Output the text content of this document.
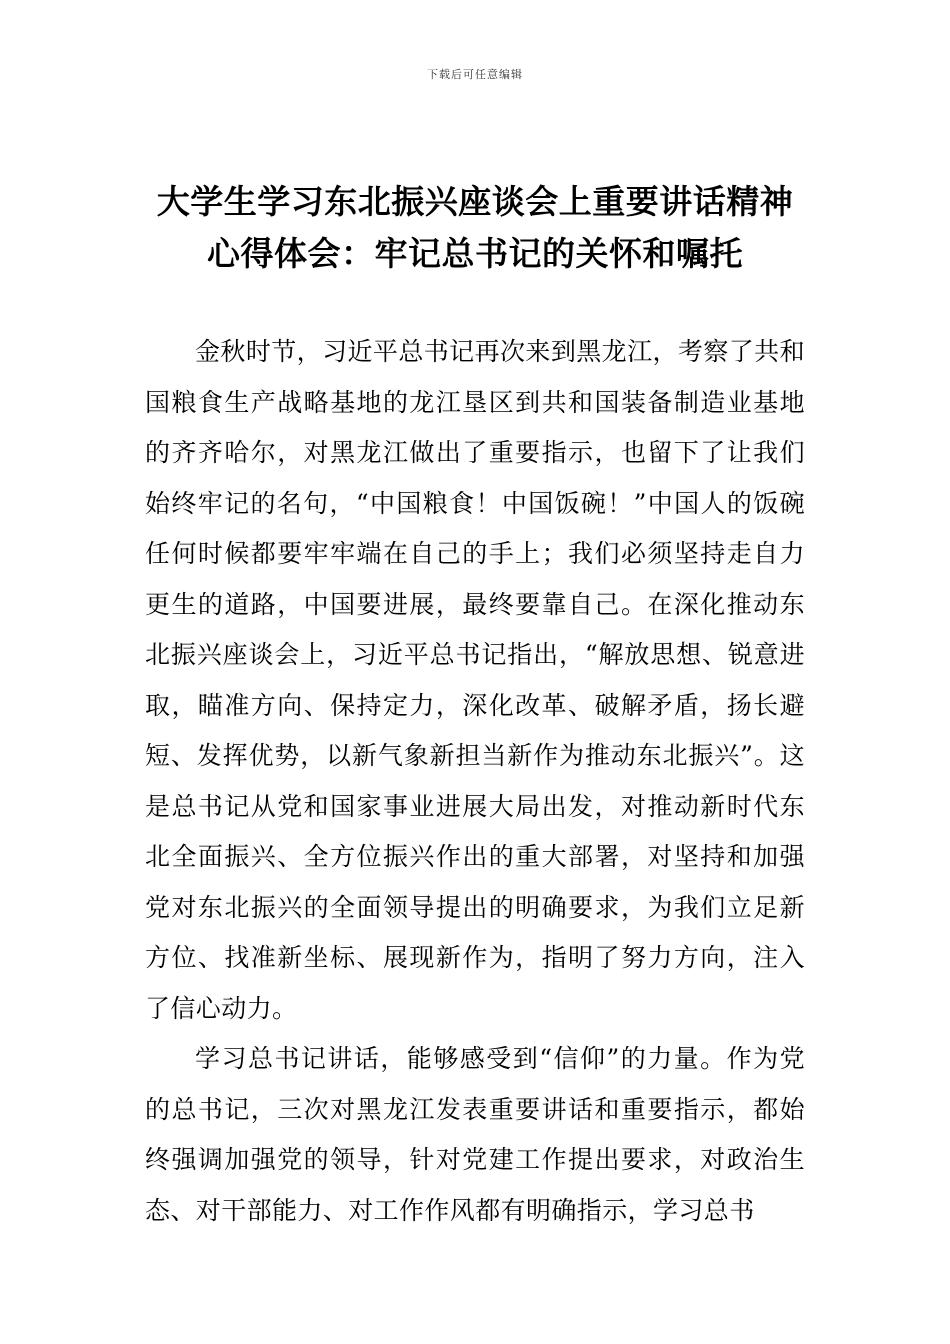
下载后可任意编辑
大学生学习东北振兴座谈会上重要讲话精神心得体会：牢记总书记的关怀和嘱托

金秋时节，习近平总书记再次来到黑龙江，考察了共和国粮食生产战略基地的龙江垦区到共和国装备制造业基地的齐齐哈尔，对黑龙江做出了重要指示，也留下了让我们始终牢记的名句，“中国粮食！中国饭碗！”中国人的饭碗任何时候都要牢牢端在自己的手上；我们必须坚持走自力更生的道路，中国要进展，最终要靠自己。在深化推动东北振兴座谈会上，习近平总书记指出，“解放思想、锐意进取，瞄准方向、保持定力，深化改革、破解矛盾，扬长避短、发挥优势，以新气象新担当新作为推动东北振兴”。这是总书记从党和国家事业进展大局出发，对推动新时代东北全面振兴、全方位振兴作出的重大部署，对坚持和加强党对东北振兴的全面领导提出的明确要求，为我们立足新方位、找准新坐标、展现新作为，指明了努力方向，注入了信心动力。

学习总书记讲话，能够感受到“信仰”的力量。作为党的总书记，三次对黑龙江发表重要讲话和重要指示，都始终强调加强党的领导，针对党建工作提出要求，对政治生态、对干部能力、对工作作风都有明确指示，学习总书
